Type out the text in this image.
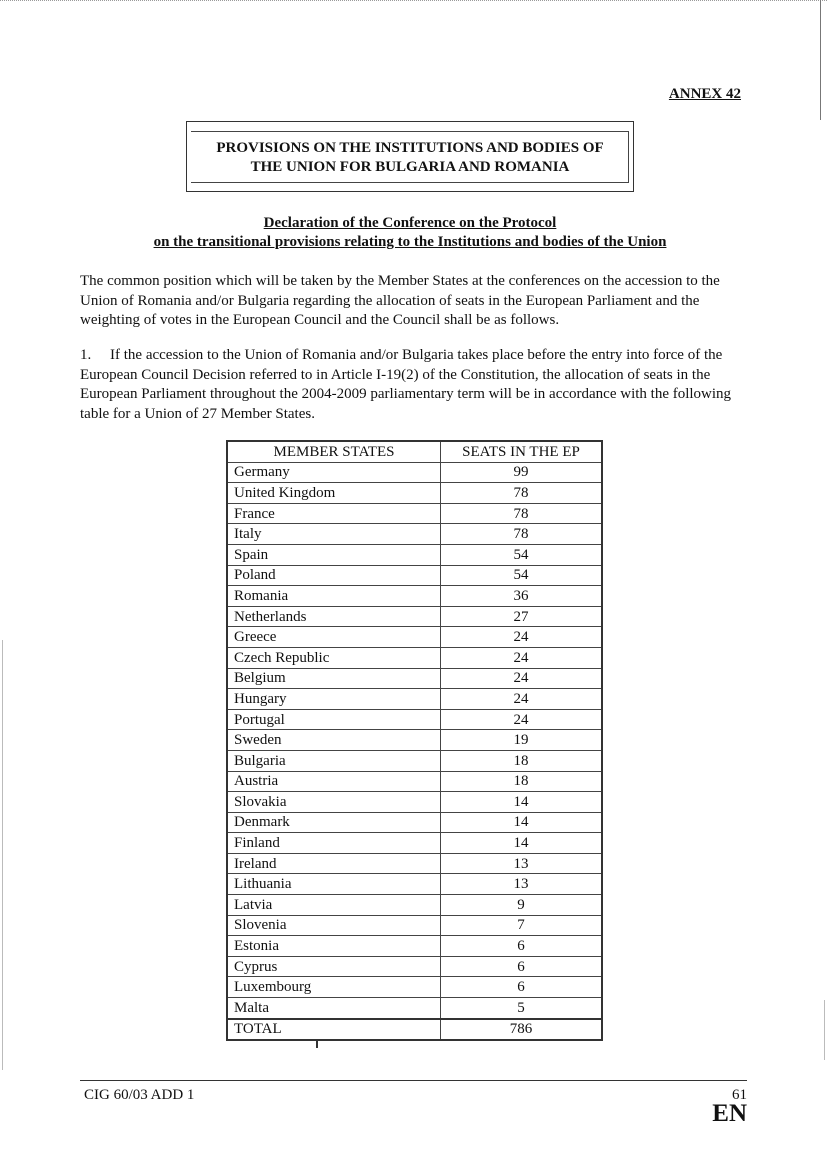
ANNEX 42
PROVISIONS ON THE INSTITUTIONS AND BODIES OF
THE UNION FOR BULGARIA AND ROMANIA
Declaration of the Conference on the Protocol
on the transitional provisions relating to the Institutions and bodies of the Union
The common position which will be taken by the Member States at the conferences on the accession to the Union of Romania and/or Bulgaria regarding the allocation of seats in the European Parliament and the weighting of votes in the European Council and the Council shall be as follows.
1.  If the accession to the Union of Romania and/or Bulgaria takes place before the entry into force of the European Council Decision referred to in Article I-19(2) of the Constitution, the allocation of seats in the European Parliament throughout the 2004-2009 parliamentary term will be in accordance with the following table for a Union of 27 Member States.
MEMBER STATES	SEATS IN THE EP
Germany	99
United Kingdom	78
France	78
Italy	78
Spain	54
Poland	54
Romania	36
Netherlands	27
Greece	24
Czech Republic	24
Belgium	24
Hungary	24
Portugal	24
Sweden	19
Bulgaria	18
Austria	18
Slovakia	14
Denmark	14
Finland	14
Ireland	13
Lithuania	13
Latvia	9
Slovenia	7
Estonia	6
Cyprus	6
Luxembourg	6
Malta	5
TOTAL	786
CIG 60/03 ADD 1	61
EN
